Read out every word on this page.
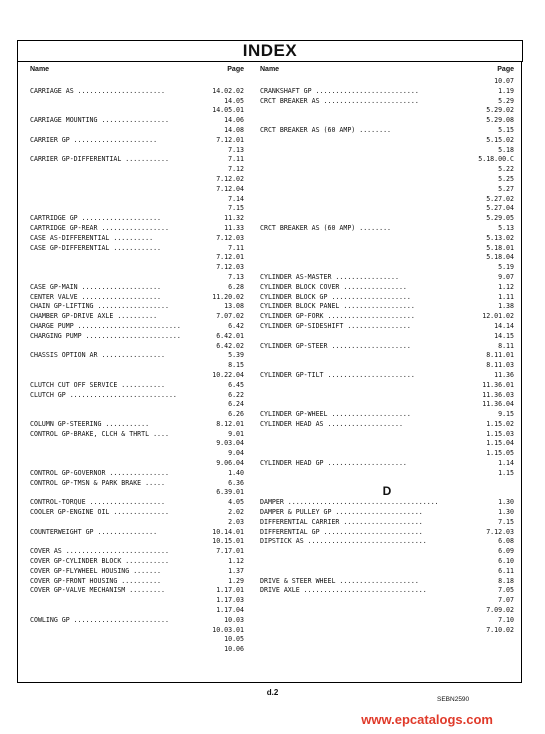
INDEX
Name	Page
CARRIAGE AS ......................	14.02.02
14.05
14.05.01
CARRIAGE MOUNTING .................	14.06
14.08
CARRIER GP .....................	7.12.01
7.13
CARRIER GP-DIFFERENTIAL ...........	7.11
7.12
7.12.02
7.12.04
7.14
7.15
CARTRIDGE GP ....................	11.32
CARTRIDGE GP-REAR .................	11.33
CASE AS-DIFFERENTIAL ..........	7.12.03
CASE GP-DIFFERENTIAL ............	7.11
7.12.01
7.12.03
7.13
CASE GP-MAIN ....................	6.28
CENTER VALVE ....................	11.20.02
CHAIN GP-LIFTING ..................	13.08
CHAMBER GP-DRIVE AXLE ..........	7.07.02
CHARGE PUMP ..........................	6.42
CHARGING PUMP ........................	6.42.01
6.42.02
CHASSIS OPTION AR ................	5.39
8.15
10.22.04
CLUTCH CUT OFF SERVICE ...........	6.45
CLUTCH GP ...........................	6.22
6.24
6.26
COLUMN GP-STEERING ...........	8.12.01
CONTROL GP-BRAKE, CLCH & THRTL ....	9.01
9.03.04
9.04
9.06.04
CONTROL GP-GOVERNOR ...............	1.40
CONTROL GP-TMSN & PARK BRAKE .....	6.36
6.39.01
CONTROL-TORQUE ...................	4.05
COOLER GP-ENGINE OIL ..............	2.02
2.03
COUNTERWEIGHT GP ...............	10.14.01
10.15.01
COVER AS ..........................	7.17.01
COVER GP-CYLINDER BLOCK ...........	1.12
COVER GP-FLYWHEEL HOUSING .......	1.37
COVER GP-FRONT HOUSING ..........	1.29
COVER GP-VALVE MECHANISM .........	1.17.01
1.17.03
1.17.04
COWLING GP ........................	10.03
10.03.01
10.05
10.06
Name	Page
10.07
CRANKSHAFT GP ..........................	1.19
CRCT BREAKER AS ........................	5.29
5.29.02
5.29.08
CRCT BREAKER AS (60 AMP) ........	5.15
5.15.02
5.18
5.18.00.C
5.22
5.25
5.27
5.27.02
5.27.04
5.29.05
CRCT BREAKER AS (60 AMP) ........	5.13
5.13.02
5.18.01
5.18.04
5.19
CYLINDER AS-MASTER ................	9.07
CYLINDER BLOCK COVER ................	1.12
CYLINDER BLOCK GP ....................	1.11
CYLINDER BLOCK PANEL ..................	1.38
CYLINDER GP-FORK ......................	12.01.02
CYLINDER GP-SIDESHIFT ................	14.14
14.15
CYLINDER GP-STEER ....................	8.11
8.11.01
8.11.03
CYLINDER GP-TILT ......................	11.36
11.36.01
11.36.03
11.36.04
CYLINDER GP-WHEEL ....................	9.15
CYLINDER HEAD AS ...................	1.15.02
1.15.03
1.15.04
1.15.05
CYLINDER HEAD GP ....................	1.14
1.15
D
DAMPER ......................................	1.30
DAMPER & PULLEY GP ......................	1.30
DIFFERENTIAL CARRIER ....................	7.15
DIFFERENTIAL GP .........................	7.12.03
DIPSTICK AS ..............................	6.08
6.09
6.10
6.11
DRIVE & STEER WHEEL ....................	8.18
DRIVE AXLE ...............................	7.05
7.07
7.09.02
7.10
7.10.02
d.2
SEBN2590
www.epcatalogs.com
